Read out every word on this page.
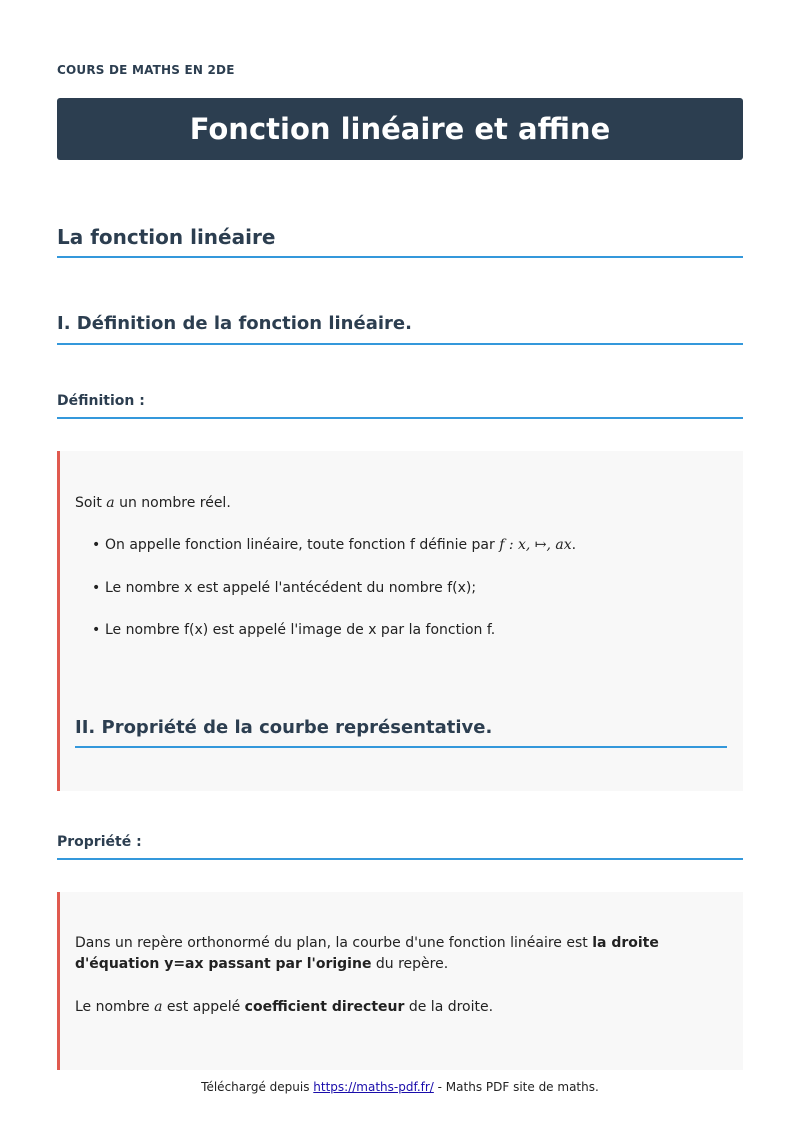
COURS DE MATHS EN 2DE
Fonction linéaire et affine
La fonction linéaire
I. Définition de la fonction linéaire.
Définition :

Soit a un nombre réel.

• On appelle fonction linéaire, toute fonction f définie par f : x, ↦, ax.
• Le nombre x est appelé l'antécédent du nombre f(x);
• Le nombre f(x) est appelé l'image de x par la fonction f.
II. Propriété de la courbe représentative.
Propriété :

Dans un repère orthonormé du plan, la courbe d'une fonction linéaire est la droite d'équation y=ax passant par l'origine du repère.

Le nombre a est appelé coefficient directeur de la droite.

Téléchargé depuis https://maths-pdf.fr/ - Maths PDF site de maths.
